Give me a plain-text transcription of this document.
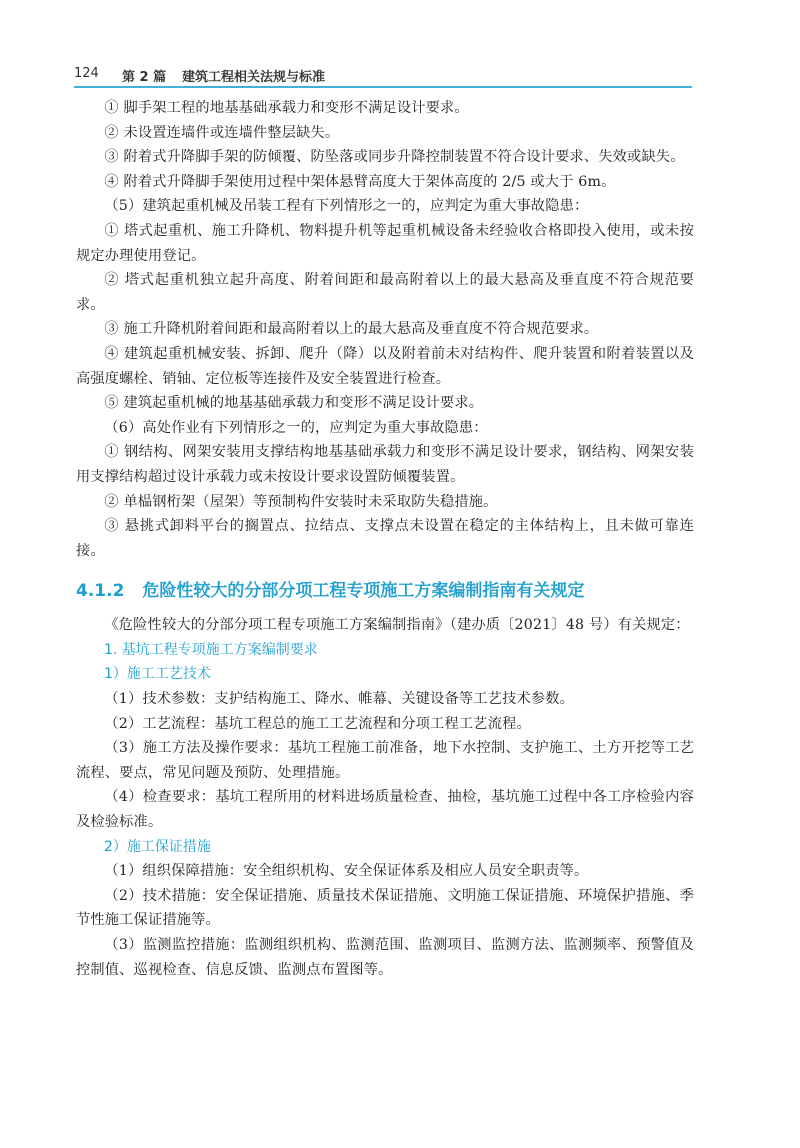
124 第 2 篇 建筑工程相关法规与标准

① 脚手架工程的地基基础承载力和变形不满足设计要求。

② 未设置连墙件或连墙件整层缺失。

③ 附着式升降脚手架的防倾覆、防坠落或同步升降控制装置不符合设计要求、失效或缺失。

④ 附着式升降脚手架使用过程中架体悬臂高度大于架体高度的 2/5 或大于 6m。

（5）建筑起重机械及吊装工程有下列情形之一的，应判定为重大事故隐患：

① 塔式起重机、施工升降机、物料提升机等起重机械设备未经验收合格即投入使用，或未按规定办理使用登记。

② 塔式起重机独立起升高度、附着间距和最高附着以上的最大悬高及垂直度不符合规范要求。

③ 施工升降机附着间距和最高附着以上的最大悬高及垂直度不符合规范要求。

④ 建筑起重机械安装、拆卸、爬升（降）以及附着前未对结构件、爬升装置和附着装置以及高强度螺栓、销轴、定位板等连接件及安全装置进行检查。

⑤ 建筑起重机械的地基基础承载力和变形不满足设计要求。

（6）高处作业有下列情形之一的，应判定为重大事故隐患：

① 钢结构、网架安装用支撑结构地基基础承载力和变形不满足设计要求，钢结构、网架安装用支撑结构超过设计承载力或未按设计要求设置防倾覆装置。

② 单榀钢桁架（屋架）等预制构件安装时未采取防失稳措施。

③ 悬挑式卸料平台的搁置点、拉结点、支撑点未设置在稳定的主体结构上，且未做可靠连接。

4.1.2 危险性较大的分部分项工程专项施工方案编制指南有关规定

《危险性较大的分部分项工程专项施工方案编制指南》（建办质〔2021〕48 号）有关规定：

1. 基坑工程专项施工方案编制要求

1）施工工艺技术

（1）技术参数：支护结构施工、降水、帷幕、关键设备等工艺技术参数。

（2）工艺流程：基坑工程总的施工工艺流程和分项工程工艺流程。

（3）施工方法及操作要求：基坑工程施工前准备，地下水控制、支护施工、土方开挖等工艺流程、要点，常见问题及预防、处理措施。

（4）检查要求：基坑工程所用的材料进场质量检查、抽检，基坑施工过程中各工序检验内容及检验标准。

2）施工保证措施

（1）组织保障措施：安全组织机构、安全保证体系及相应人员安全职责等。

（2）技术措施：安全保证措施、质量技术保证措施、文明施工保证措施、环境保护措施、季节性施工保证措施等。

（3）监测监控措施：监测组织机构、监测范围、监测项目、监测方法、监测频率、预警值及控制值、巡视检查、信息反馈、监测点布置图等。
